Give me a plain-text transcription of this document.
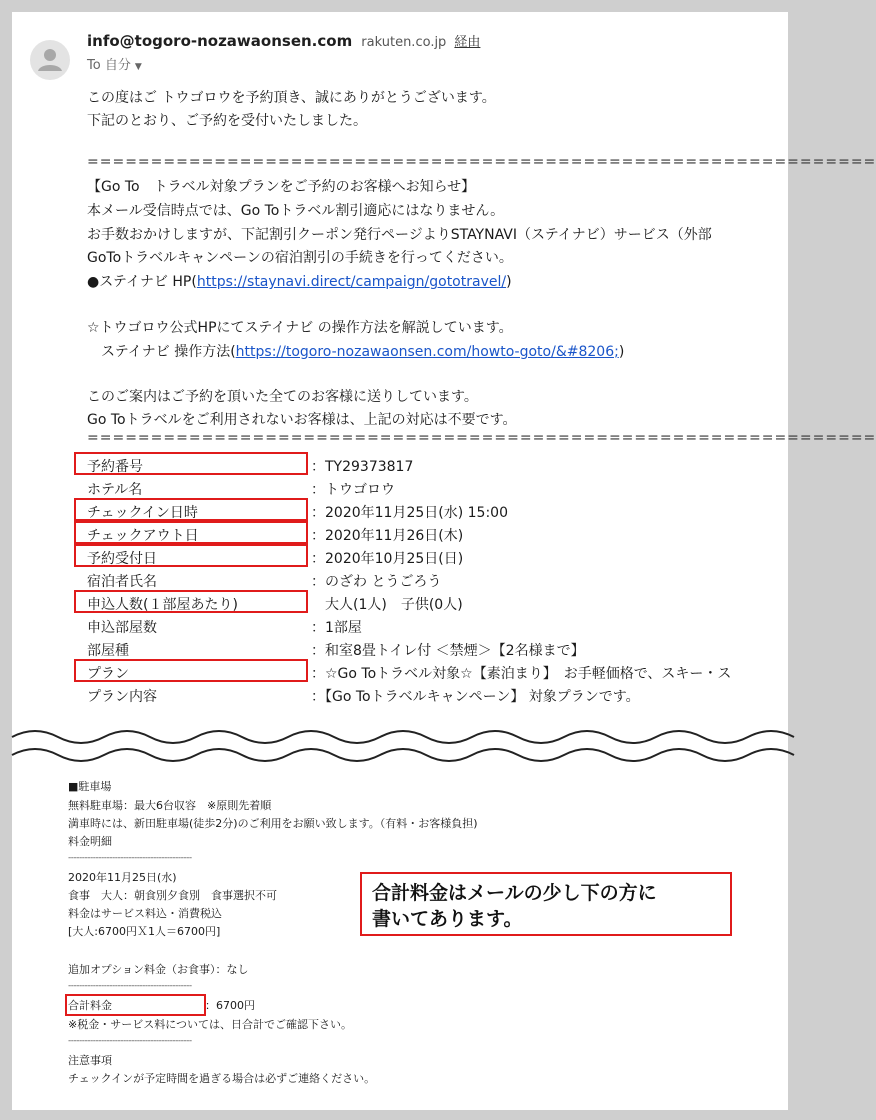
info@togoro-nozawaonsen.com rakuten.co.jp 経由
To 自分 ▼
この度はご トウゴロウを予約頂き、誠にありがとうございます。
下記のとおり、ご予約を受付いたしました。
==============================================================
【Go To　トラベル対象プランをご予約のお客様へお知らせ】
本メール受信時点では、Go Toトラベル割引適応にはなりません。
お手数おかけしますが、下記割引クーポン発行ページよりSTAYNAVI（ステイナビ）サービス（外部
GoToトラベルキャンペーンの宿泊割引の手続きを行ってください。
●ステイナビ HP(https://staynavi.direct/campaign/gototravel/)
☆トウゴロウ公式HPにてステイナビ の操作方法を解説しています。
　ステイナビ 操作方法(https://togoro-nozawaonsen.com/howto-goto/&#8206;)
このご案内はご予約を頂いた全てのお客様に送りしています。
Go Toトラベルをご利用されないお客様は、上記の対応は不要です。
==============================================================
予約番号	：TY29373817
ホテル名	：トウゴロウ
チェックイン日時	：2020年11月25日(水) 15:00
チェックアウト日	：2020年11月26日(木)
予約受付日	：2020年10月25日(日)
宿泊者氏名	：のざわ とうごろう
申込人数(１部屋あたり)	　大人(1人)　子供(0人)
申込部屋数	：1部屋
部屋種	：和室8畳トイレ付 ＜禁煙＞【2名様まで】
プラン	：☆Go Toトラベル対象☆【素泊まり】　お手軽価格で、スキー・ス
プラン内容	：【Go Toトラベルキャンペーン】 対象プランです。
■駐車場
無料駐車場：最大6台収容　※原則先着順
満車時には、新田駐車場(徒歩2分)のご利用をお願い致します。（有料・お客様負担)
料金明細
---------------------------------------------
2020年11月25日(水)
食事　大人：朝食別夕食別　食事選択不可
料金はサービス料込・消費税込
[大人:6700円Ｘ1人＝6700円]
追加オプション料金（お食事）：なし
---------------------------------------------
合計料金	：6700円
※税金・サービス料については、日合計でご確認下さい。
---------------------------------------------
注意事項
チェックインが予定時間を過ぎる場合は必ずご連絡ください。
合計料金はメールの少し下の方に
書いてあります。
